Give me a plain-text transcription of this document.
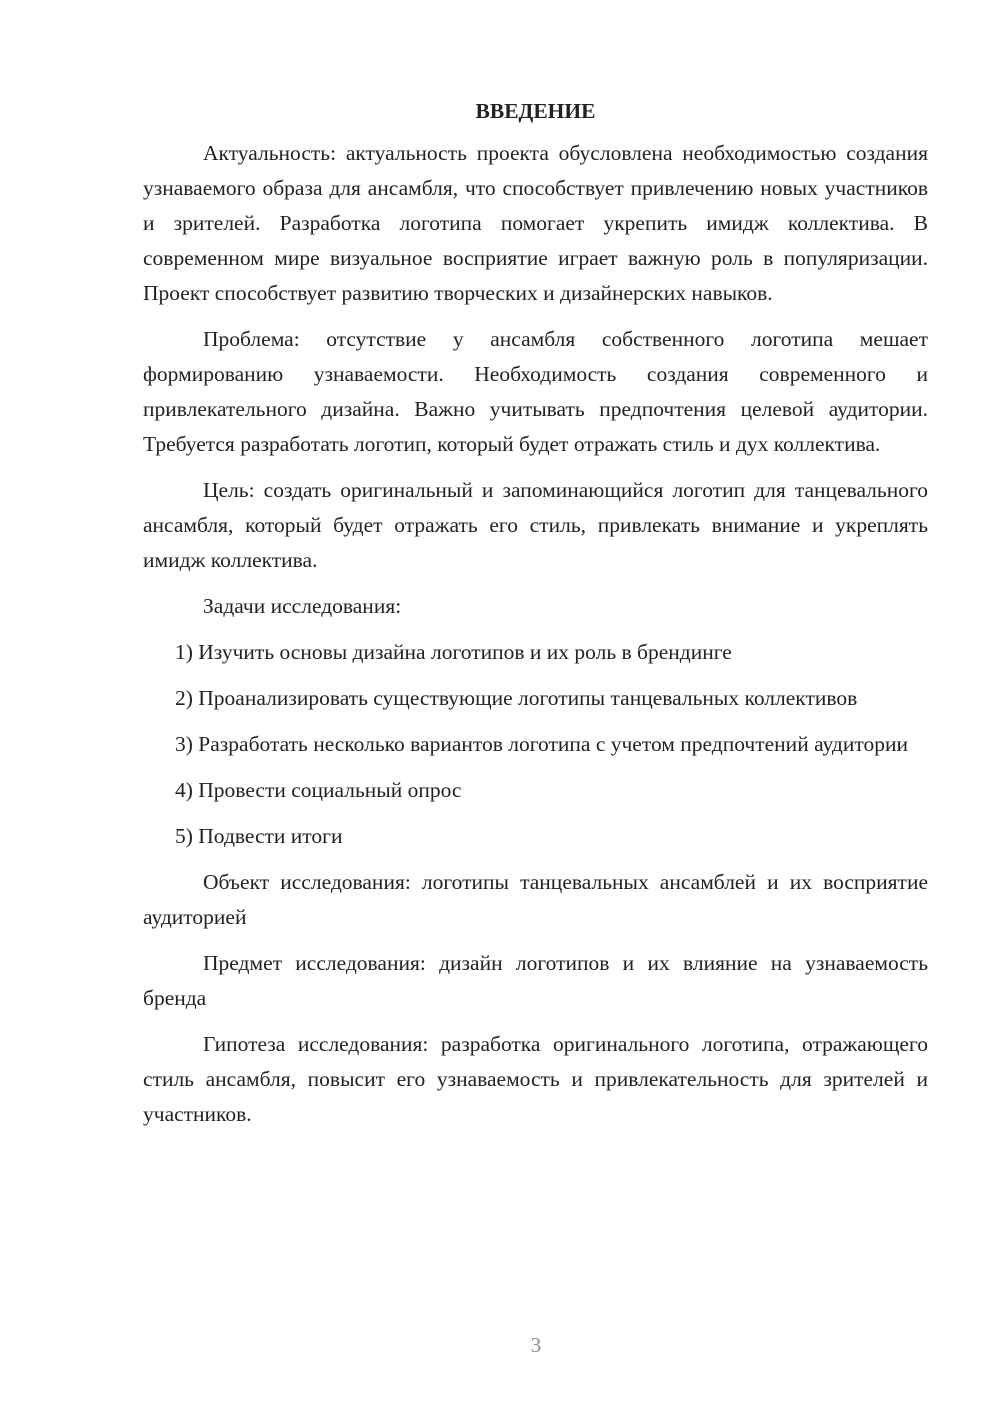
ВВЕДЕНИЕ

Актуальность: актуальность проекта обусловлена необходимостью создания узнаваемого образа для ансамбля, что способствует привлечению новых участников и зрителей. Разработка логотипа помогает укрепить имидж коллектива. В современном мире визуальное восприятие играет важную роль в популяризации. Проект способствует развитию творческих и дизайнерских навыков.

Проблема: отсутствие у ансамбля собственного логотипа мешает формированию узнаваемости. Необходимость создания современного и привлекательного дизайна. Важно учитывать предпочтения целевой аудитории. Требуется разработать логотип, который будет отражать стиль и дух коллектива.

Цель: создать оригинальный и запоминающийся логотип для танцевального ансамбля, который будет отражать его стиль, привлекать внимание и укреплять имидж коллектива.

Задачи исследования:

1) Изучить основы дизайна логотипов и их роль в брендинге

2) Проанализировать существующие логотипы танцевальных коллективов

3) Разработать несколько вариантов логотипа с учетом предпочтений аудитории

4) Провести социальный опрос

5) Подвести итоги

Объект исследования: логотипы танцевальных ансамблей и их восприятие аудиторией

Предмет исследования: дизайн логотипов и их влияние на узнаваемость бренда

Гипотеза исследования: разработка оригинального логотипа, отражающего стиль ансамбля, повысит его узнаваемость и привлекательность для зрителей и участников.

3
